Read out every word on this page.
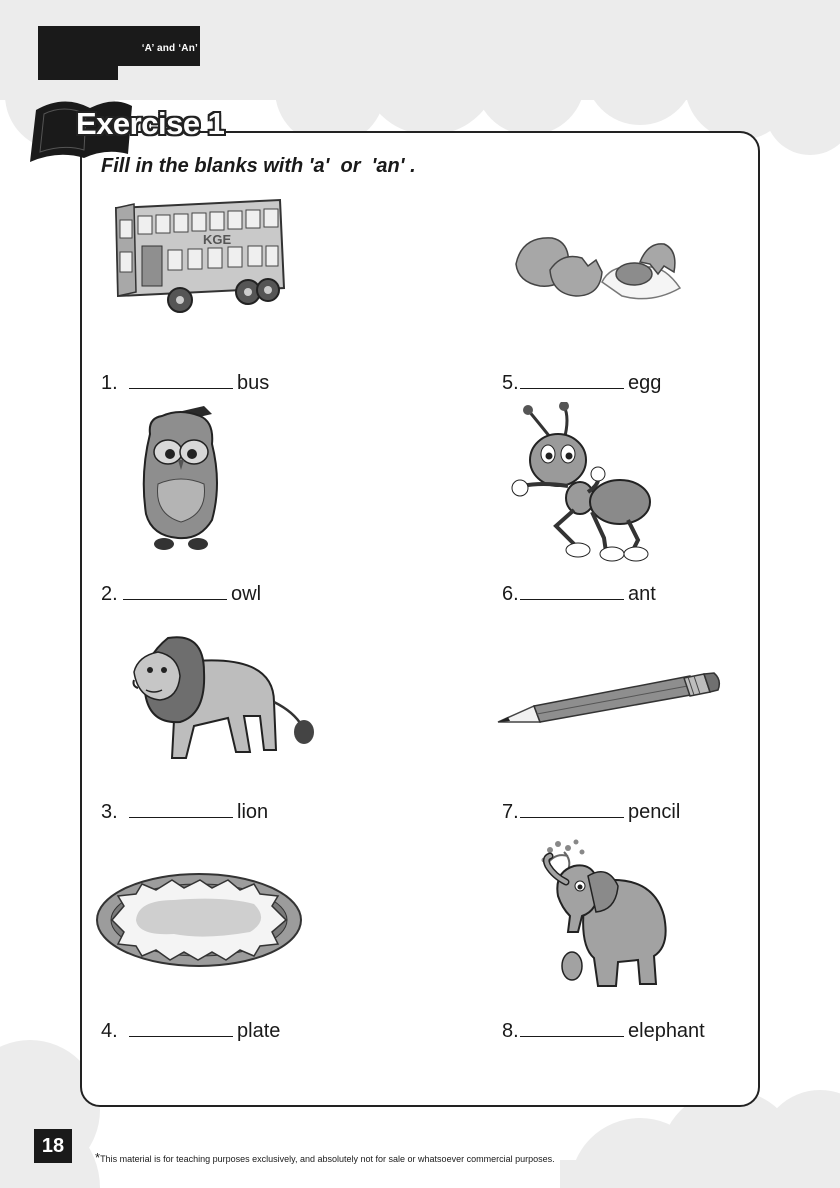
‘A’ and ‘An’
Exercise 1
Fill in the blanks with 'a'  or  'an' .
KGE
1.	bus
2.	owl
3.	lion
4.	plate
5.	egg
6.	ant
7.	pencil
8.	elephant
18
*This material is for teaching purposes exclusively, and absolutely not for sale or whatsoever commercial purposes.
